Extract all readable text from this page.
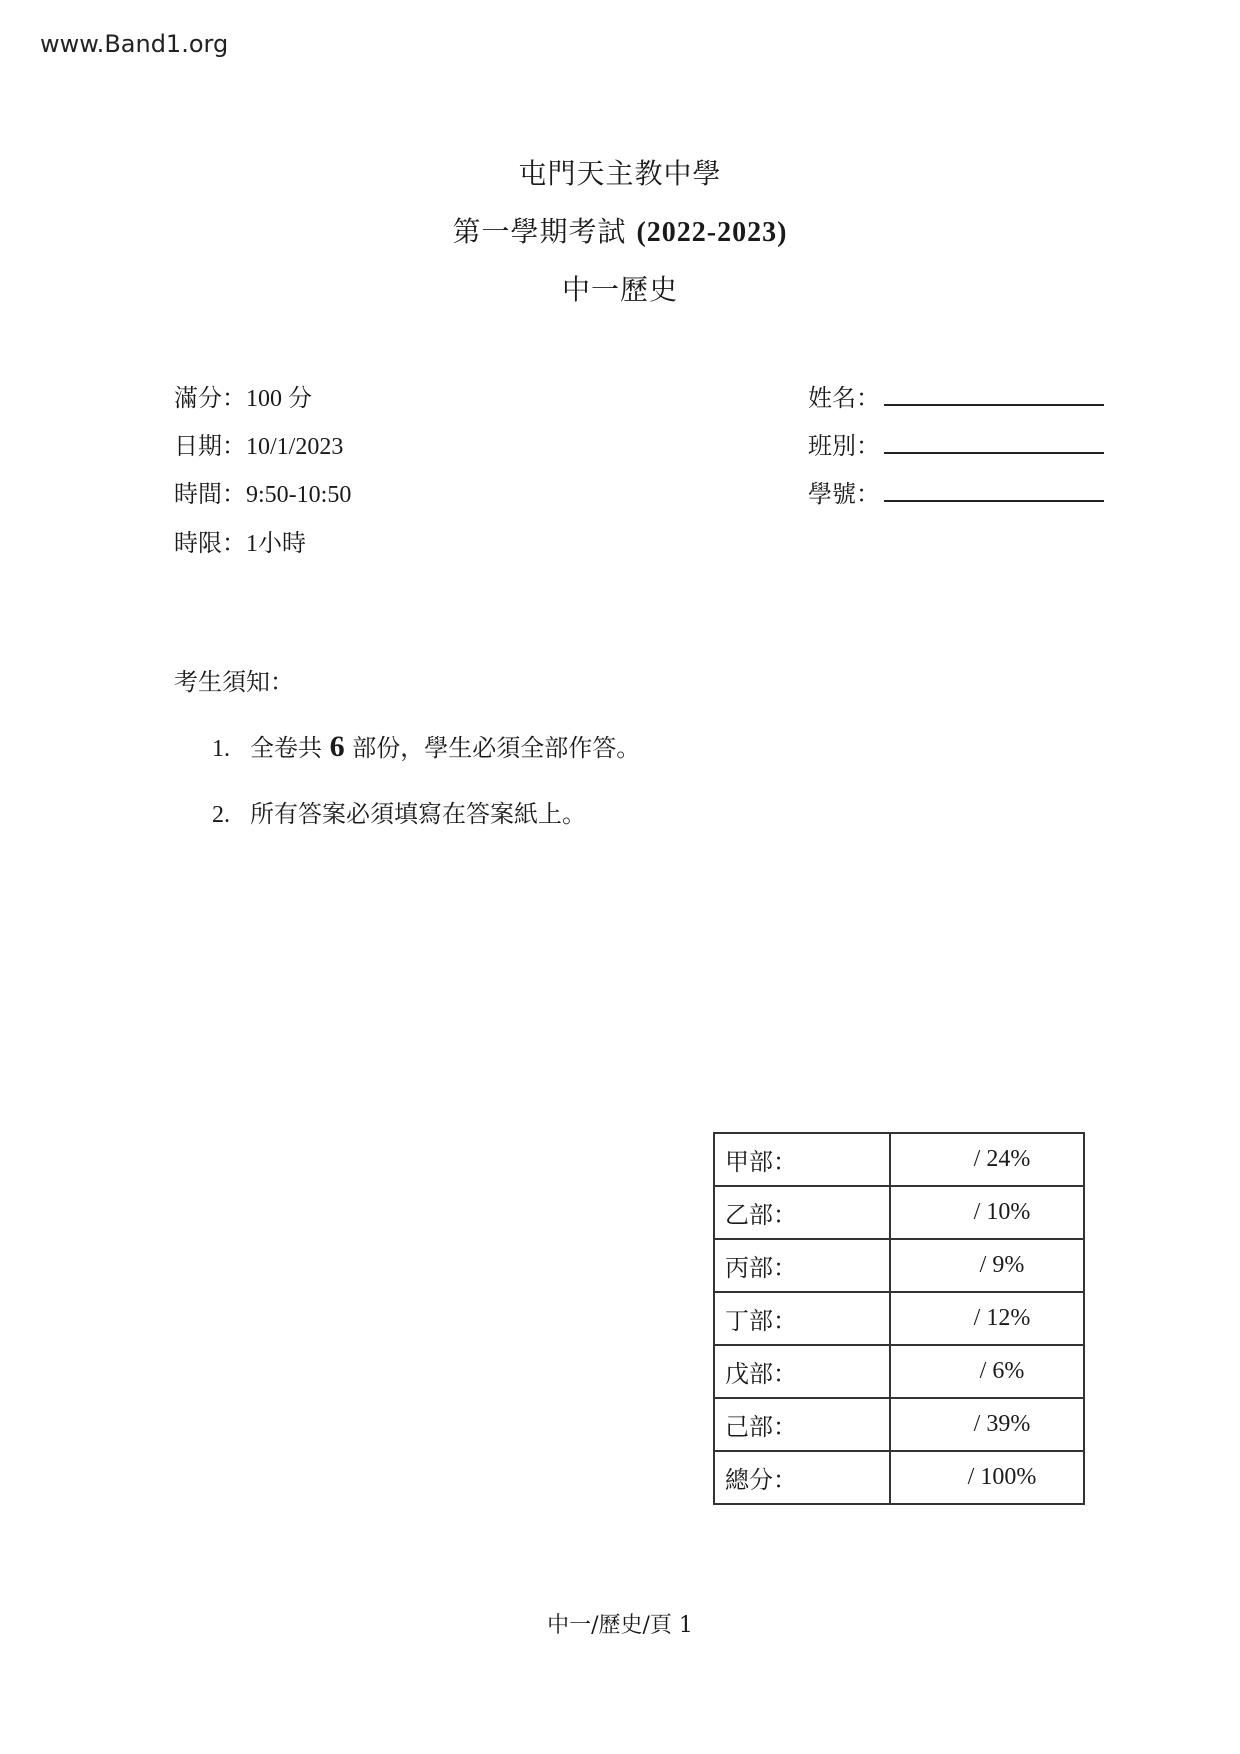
www.Band1.org
屯門天主教中學
第一學期考試 (2022-2023)
中一歷史
滿分：100 分
日期：10/1/2023
時間：9:50-10:50
時限：1小時
姓名：
班別：
學號：
考生須知：
1. 全卷共 6 部份，學生必須全部作答。
2. 所有答案必須填寫在答案紙上。
甲部：	/ 24%
乙部：	/ 10%
丙部：	/ 9%
丁部：	/ 12%
戊部：	/ 6%
己部：	/ 39%
總分：	/ 100%
中一/歷史/頁 1
